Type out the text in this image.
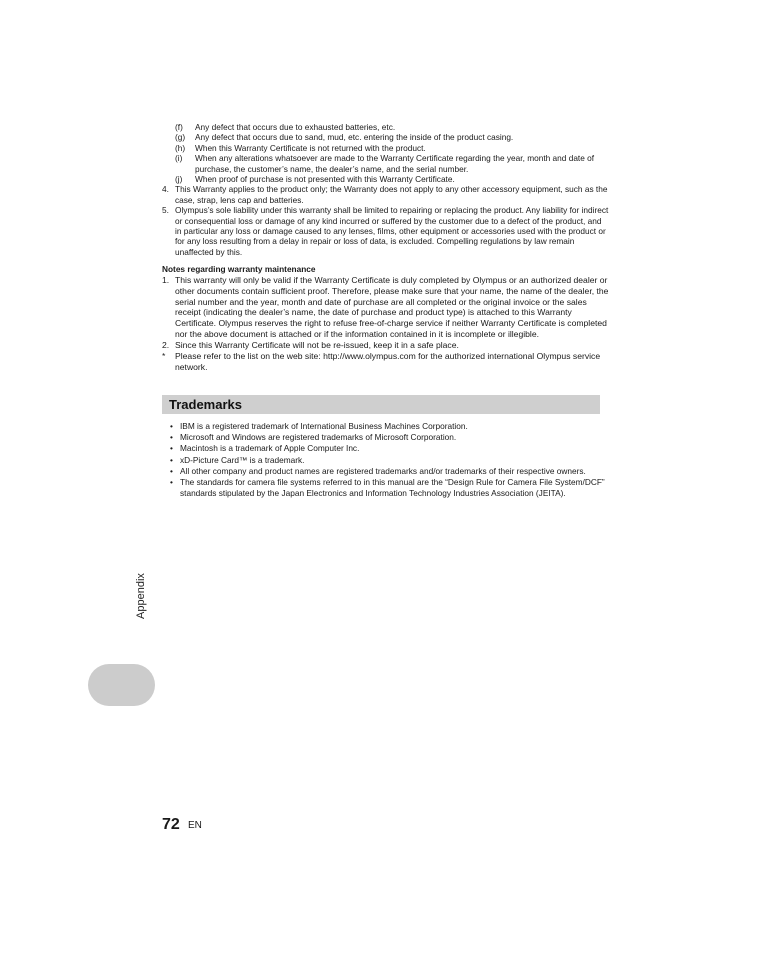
(f)	Any defect that occurs due to exhausted batteries, etc.
(g)	Any defect that occurs due to sand, mud, etc. entering the inside of the product casing.
(h)	When this Warranty Certificate is not returned with the product.
(i)	When any alterations whatsoever are made to the Warranty Certificate regarding the year, month and date of purchase, the customer’s name, the dealer’s name, and the serial number.
(j)	When proof of purchase is not presented with this Warranty Certificate.
4. This Warranty applies to the product only; the Warranty does not apply to any other accessory equipment, such as the case, strap, lens cap and batteries.
5. Olympus’s sole liability under this warranty shall be limited to repairing or replacing the product. Any liability for indirect or consequential loss or damage of any kind incurred or suffered by the customer due to a defect of the product, and in particular any loss or damage caused to any lenses, films, other equipment or accessories used with the product or for any loss resulting from a delay in repair or loss of data, is excluded. Compelling regulations by law remain unaffected by this.
Notes regarding warranty maintenance
1. This warranty will only be valid if the Warranty Certificate is duly completed by Olympus or an authorized dealer or other documents contain sufficient proof. Therefore, please make sure that your name, the name of the dealer, the serial number and the year, month and date of purchase are all completed or the original invoice or the sales receipt (indicating the dealer’s name, the date of purchase and product type) is attached to this Warranty Certificate. Olympus reserves the right to refuse free-of-charge service if neither Warranty Certificate is completed nor the above document is attached or if the information contained in it is incomplete or illegible.
2. Since this Warranty Certificate will not be re-issued, keep it in a safe place.
*	Please refer to the list on the web site: http://www.olympus.com for the authorized international Olympus service network.
Trademarks
• IBM is a registered trademark of International Business Machines Corporation.
• Microsoft and Windows are registered trademarks of Microsoft Corporation.
• Macintosh is a trademark of Apple Computer Inc.
• xD-Picture Card™ is a trademark.
• All other company and product names are registered trademarks and/or trademarks of their respective owners.
• The standards for camera file systems referred to in this manual are the “Design Rule for Camera File System/DCF” standards stipulated by the Japan Electronics and Information Technology Industries Association (JEITA).
Appendix
72 EN
